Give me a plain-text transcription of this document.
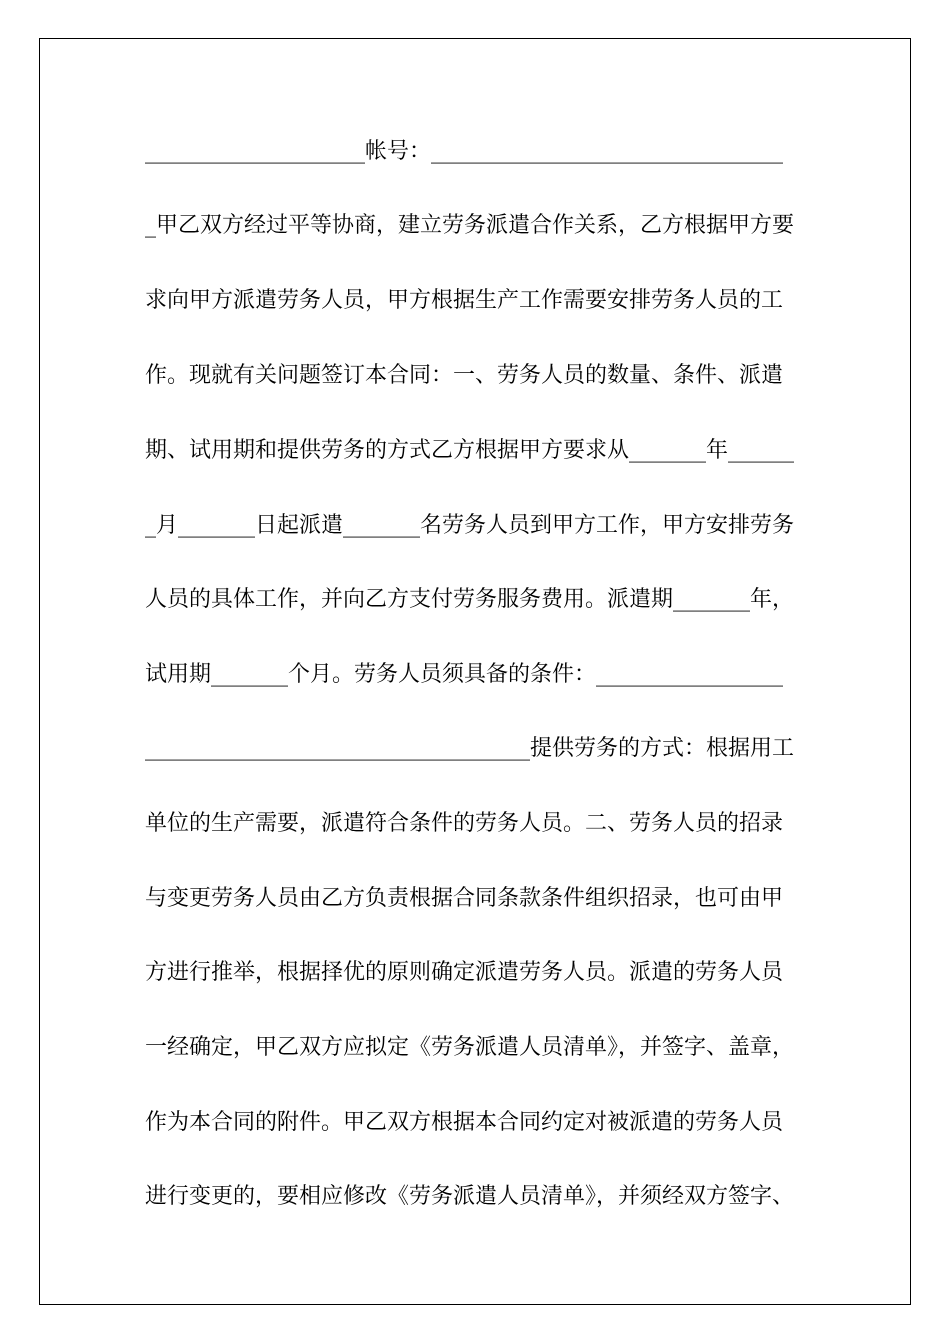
____________________帐号：________________________________
_甲乙双方经过平等协商，建立劳务派遣合作关系，乙方根据甲方要
求向甲方派遣劳务人员，甲方根据生产工作需要安排劳务人员的工
作。现就有关问题签订本合同：一、劳务人员的数量、条件、派遣
期、试用期和提供劳务的方式乙方根据甲方要求从_______年______
_月_______日起派遣_______名劳务人员到甲方工作，甲方安排劳务
人员的具体工作，并向乙方支付劳务服务费用。派遣期_______年，
试用期_______个月。劳务人员须具备的条件：_________________
___________________________________提供劳务的方式：根据用工
单位的生产需要，派遣符合条件的劳务人员。二、劳务人员的招录
与变更劳务人员由乙方负责根据合同条款条件组织招录，也可由甲
方进行推举，根据择优的原则确定派遣劳务人员。派遣的劳务人员
一经确定，甲乙双方应拟定《劳务派遣人员清单》，并签字、盖章，
作为本合同的附件。甲乙双方根据本合同约定对被派遣的劳务人员
进行变更的，要相应修改《劳务派遣人员清单》，并须经双方签字、
